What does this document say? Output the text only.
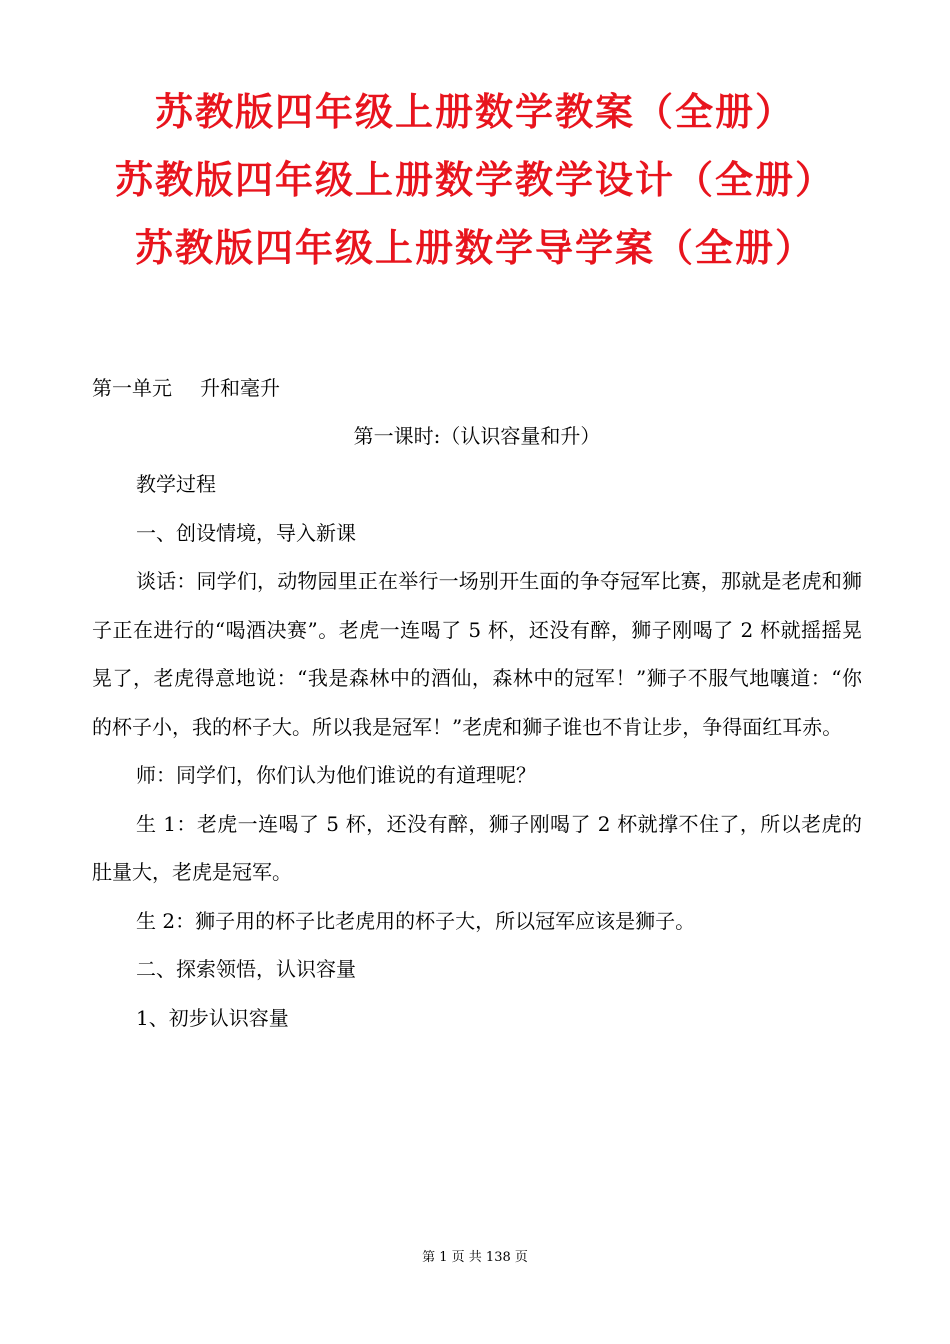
苏教版四年级上册数学教案（全册）
苏教版四年级上册数学教学设计（全册）
苏教版四年级上册数学导学案（全册）

第一单元 升和毫升

第一课时:（认识容量和升）

教学过程

一、创设情境，导入新课

谈话：同学们，动物园里正在举行一场别开生面的争夺冠军比赛，那就是老虎和狮子正在进行的“喝酒决赛”。老虎一连喝了 5 杯，还没有醉，狮子刚喝了 2 杯就摇摇晃晃了，老虎得意地说：“我是森林中的酒仙，森林中的冠军！”狮子不服气地嚷道：“你的杯子小，我的杯子大。所以我是冠军！”老虎和狮子谁也不肯让步，争得面红耳赤。

师：同学们，你们认为他们谁说的有道理呢？

生 1：老虎一连喝了 5 杯，还没有醉，狮子刚喝了 2 杯就撑不住了，所以老虎的肚量大，老虎是冠军。

生 2：狮子用的杯子比老虎用的杯子大，所以冠军应该是狮子。

二、探索领悟，认识容量

1、初步认识容量

第 1 页 共 138 页
